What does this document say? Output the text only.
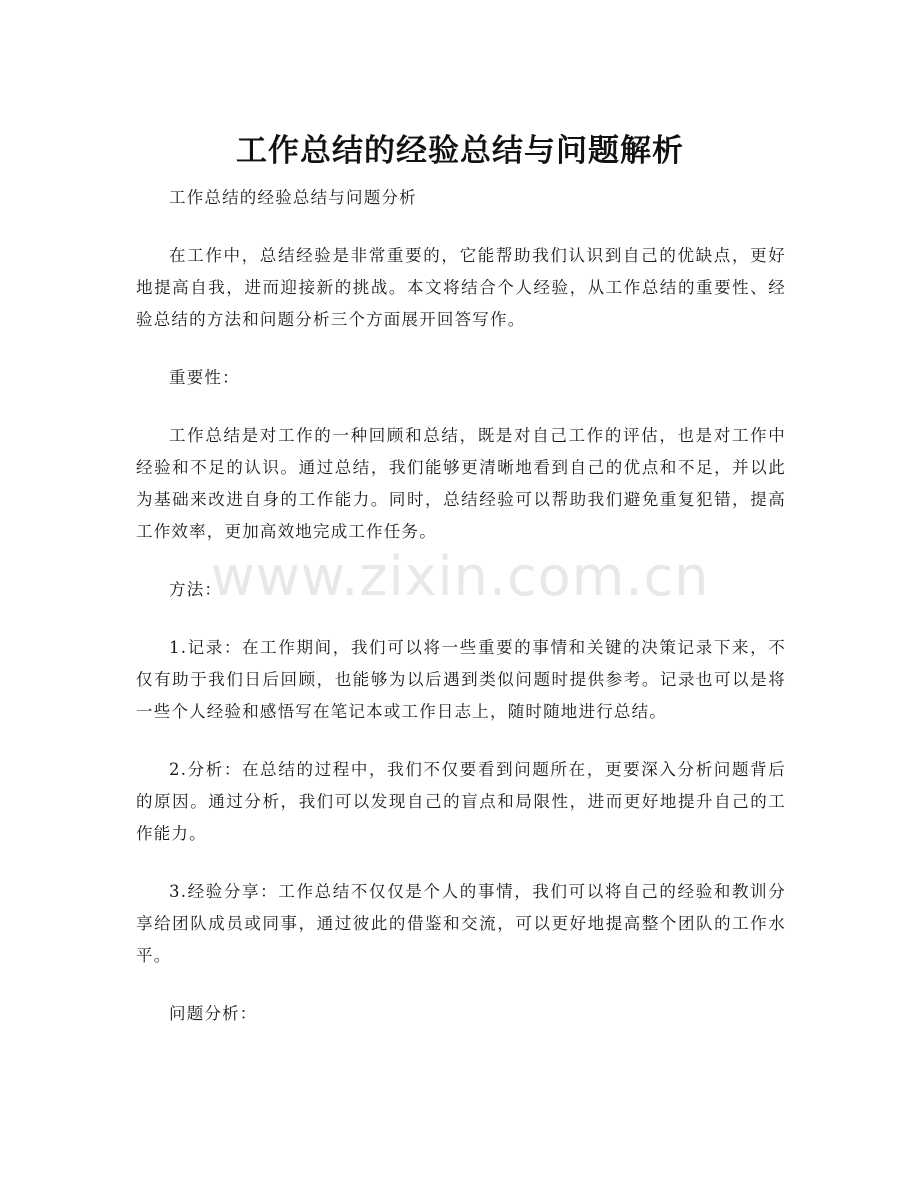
工作总结的经验总结与问题解析

工作总结的经验总结与问题分析

在工作中，总结经验是非常重要的，它能帮助我们认识到自己的优缺点，更好地提高自我，进而迎接新的挑战。本文将结合个人经验，从工作总结的重要性、经验总结的方法和问题分析三个方面展开回答写作。

重要性：

工作总结是对工作的一种回顾和总结，既是对自己工作的评估，也是对工作中经验和不足的认识。通过总结，我们能够更清晰地看到自己的优点和不足，并以此为基础来改进自身的工作能力。同时，总结经验可以帮助我们避免重复犯错，提高工作效率，更加高效地完成工作任务。

方法：

1.记录：在工作期间，我们可以将一些重要的事情和关键的决策记录下来，不仅有助于我们日后回顾，也能够为以后遇到类似问题时提供参考。记录也可以是将一些个人经验和感悟写在笔记本或工作日志上，随时随地进行总结。

2.分析：在总结的过程中，我们不仅要看到问题所在，更要深入分析问题背后的原因。通过分析，我们可以发现自己的盲点和局限性，进而更好地提升自己的工作能力。

3.经验分享：工作总结不仅仅是个人的事情，我们可以将自己的经验和教训分享给团队成员或同事，通过彼此的借鉴和交流，可以更好地提高整个团队的工作水平。

问题分析：

www.zixin.com.cn
